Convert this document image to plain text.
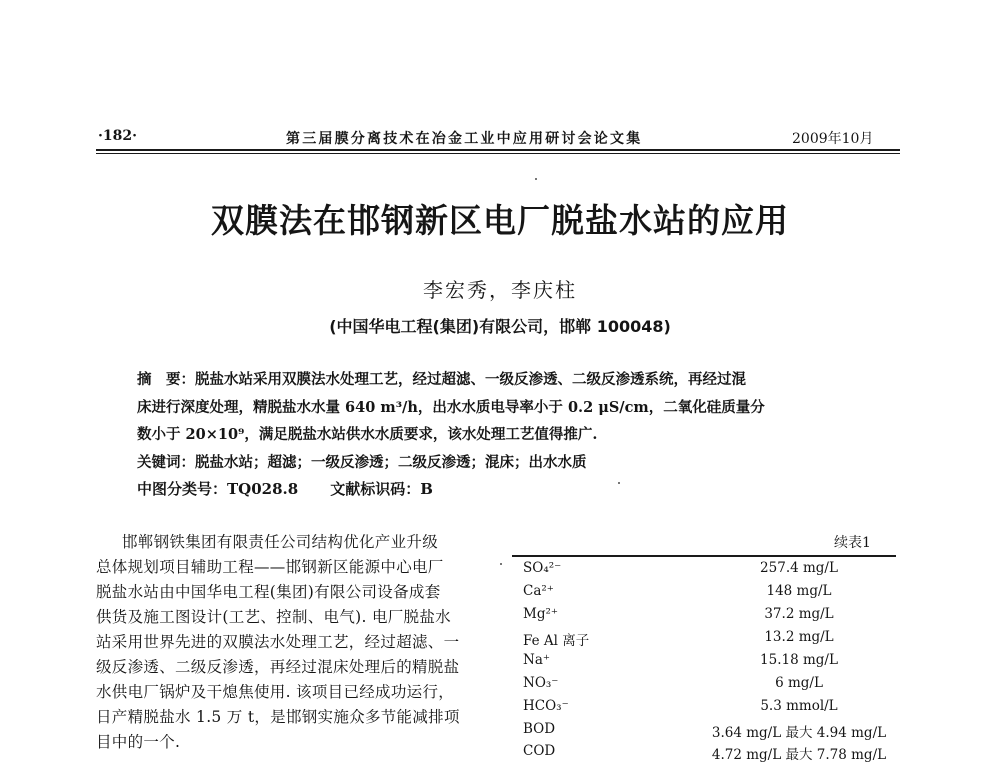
·182·	第三届膜分离技术在冶金工业中应用研讨会论文集	2009年10月
双膜法在邯钢新区电厂脱盐水站的应用
李宏秀，李庆柱
(中国华电工程(集团)有限公司，邯郸 100048)
摘　要：脱盐水站采用双膜法水处理工艺，经过超滤、一级反渗透、二级反渗透系统，再经过混
床进行深度处理，精脱盐水水量 640 m³/h，出水水质电导率小于 0.2 μS/cm，二氧化硅质量分
数小于 20×10⁹，满足脱盐水站供水水质要求，该水处理工艺值得推广.
关键词：脱盐水站；超滤；一级反渗透；二级反渗透；混床；出水水质
中图分类号：TQ028.8 文献标识码：B
邯郸钢铁集团有限责任公司结构优化产业升级
总体规划项目辅助工程——邯钢新区能源中心电厂
脱盐水站由中国华电工程(集团)有限公司设备成套
供货及施工图设计(工艺、控制、电气). 电厂脱盐水
站采用世界先进的双膜法水处理工艺，经过超滤、一
级反渗透、二级反渗透，再经过混床处理后的精脱盐
水供电厂锅炉及干熄焦使用. 该项目已经成功运行，
日产精脱盐水 1.5 万 t，是邯钢实施众多节能减排项
目中的一个.
续表1
SO₄²⁻	257.4 mg/L
Ca²⁺	148 mg/L
Mg²⁺	37.2 mg/L
Fe Al 离子	13.2 mg/L
Na⁺	15.18 mg/L
NO₃⁻	6 mg/L
HCO₃⁻	5.3 mmol/L
BOD	3.64 mg/L 最大 4.94 mg/L
COD	4.72 mg/L 最大 7.78 mg/L
